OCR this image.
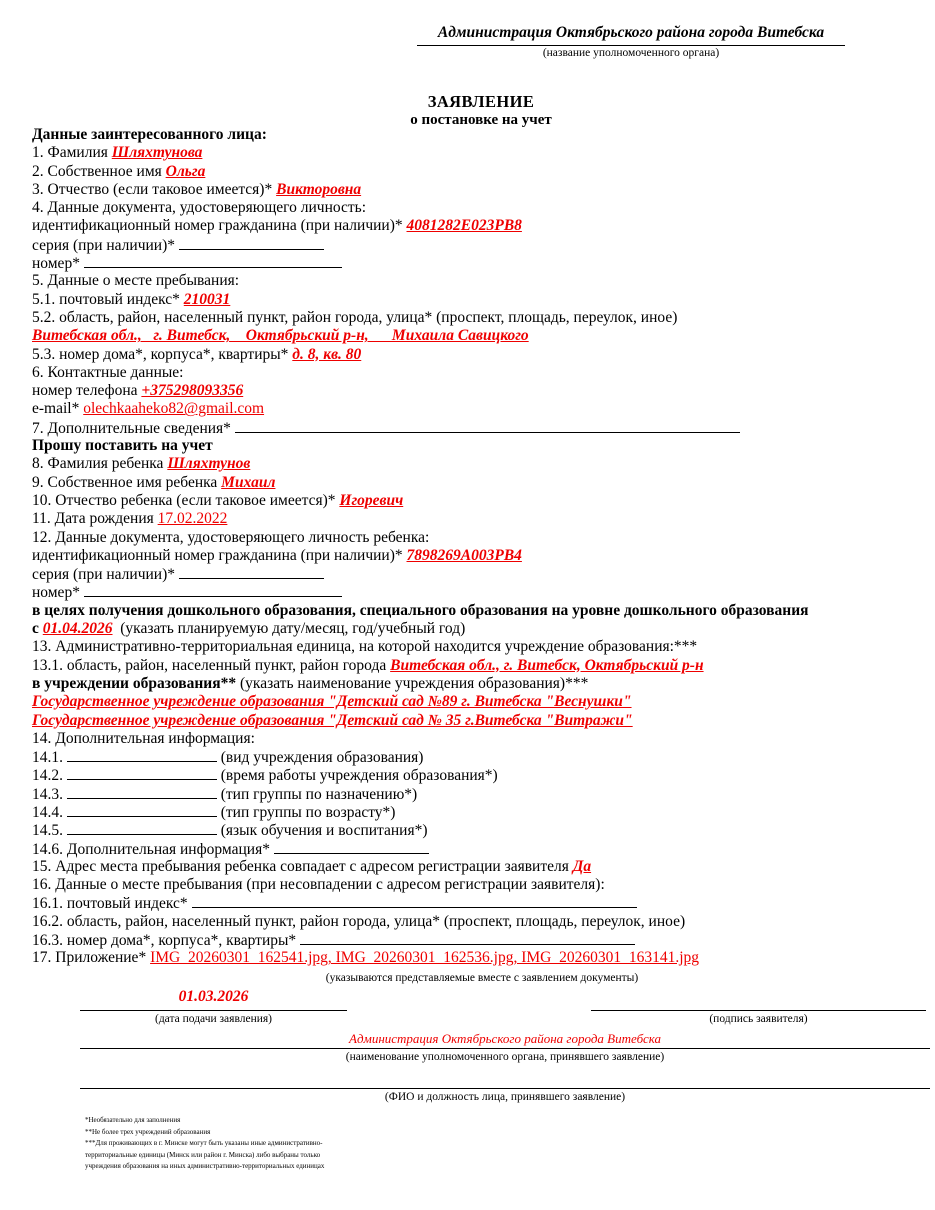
Администрация Октябрьского района города Витебска
(название уполномоченного органа)
ЗАЯВЛЕНИЕ
о постановке на учет
Данные заинтересованного лица:
1. Фамилия Шляхтунова
2. Собственное имя Ольга
3. Отчество (если таковое имеется)* Викторовна
4. Данные документа, удостоверяющего личность:
идентификационный номер гражданина (при наличии)* 4081282E023PB8
серия (при наличии)*
номер*
5. Данные о месте пребывания:
5.1. почтовый индекс* 210031
5.2. область, район, населенный пункт, район города, улица* (проспект, площадь, переулок, иное)
Витебская обл.,   г. Витебск,    Октябрьский р-н,      Михаила Савицкого
5.3. номер дома*, корпуса*, квартиры* д. 8, кв. 80
6. Контактные данные:
номер телефона +375298093356
e-mail* olechkaaheko82@gmail.com
7. Дополнительные сведения*
Прошу поставить на учет
8. Фамилия ребенка Шляхтунов
9. Собственное имя ребенка Михаил
10. Отчество ребенка (если таковое имеется)* Игоревич
11. Дата рождения 17.02.2022
12. Данные документа, удостоверяющего личность ребенка:
идентификационный номер гражданина (при наличии)* 7898269A003PB4
серия (при наличии)*
номер*
в целях получения дошкольного образования, специального образования на уровне дошкольного образования
с 01.04.2026  (указать планируемую дату/месяц, год/учебный год)
13. Административно-территориальная единица, на которой находится учреждение образования:***
13.1. область, район, населенный пункт, район города Витебская обл., г. Витебск, Октябрьский р-н
в учреждении образования** (указать наименование учреждения образования)***
Государственное учреждение образования "Детский сад №89 г. Витебска "Веснушки"
Государственное учреждение образования "Детский сад № 35 г.Витебска "Витражи"
14. Дополнительная информация:
14.1.	(вид учреждения образования)
14.2.	(время работы учреждения образования*)
14.3.	(тип группы по назначению*)
14.4.	(тип группы по возрасту*)
14.5.	(язык обучения и воспитания*)
14.6. Дополнительная информация*
15. Адрес места пребывания ребенка совпадает с адресом регистрации заявителя Да
16. Данные о месте пребывания (при несовпадении с адресом регистрации заявителя):
16.1. почтовый индекс*
16.2. область, район, населенный пункт, район города, улица* (проспект, площадь, переулок, иное)
16.3. номер дома*, корпуса*, квартиры*
17. Приложение* IMG_20260301_162541.jpg, IMG_20260301_162536.jpg, IMG_20260301_163141.jpg
(указываются представляемые вместе с заявлением документы)
01.03.2026
(дата подачи заявления)	(подпись заявителя)
Администрация Октябрьского района города Витебска
(наименование уполномоченного органа, принявшего заявление)
(ФИО и должность лица, принявшего заявление)
*Необязательно для заполнения
**Не более трех учреждений образования
***Для проживающих в г. Минске могут быть указаны иные административно-
территориальные единицы (Минск или район г. Минска) либо выбраны только
учреждения образования на иных административно-территориальных единицах
